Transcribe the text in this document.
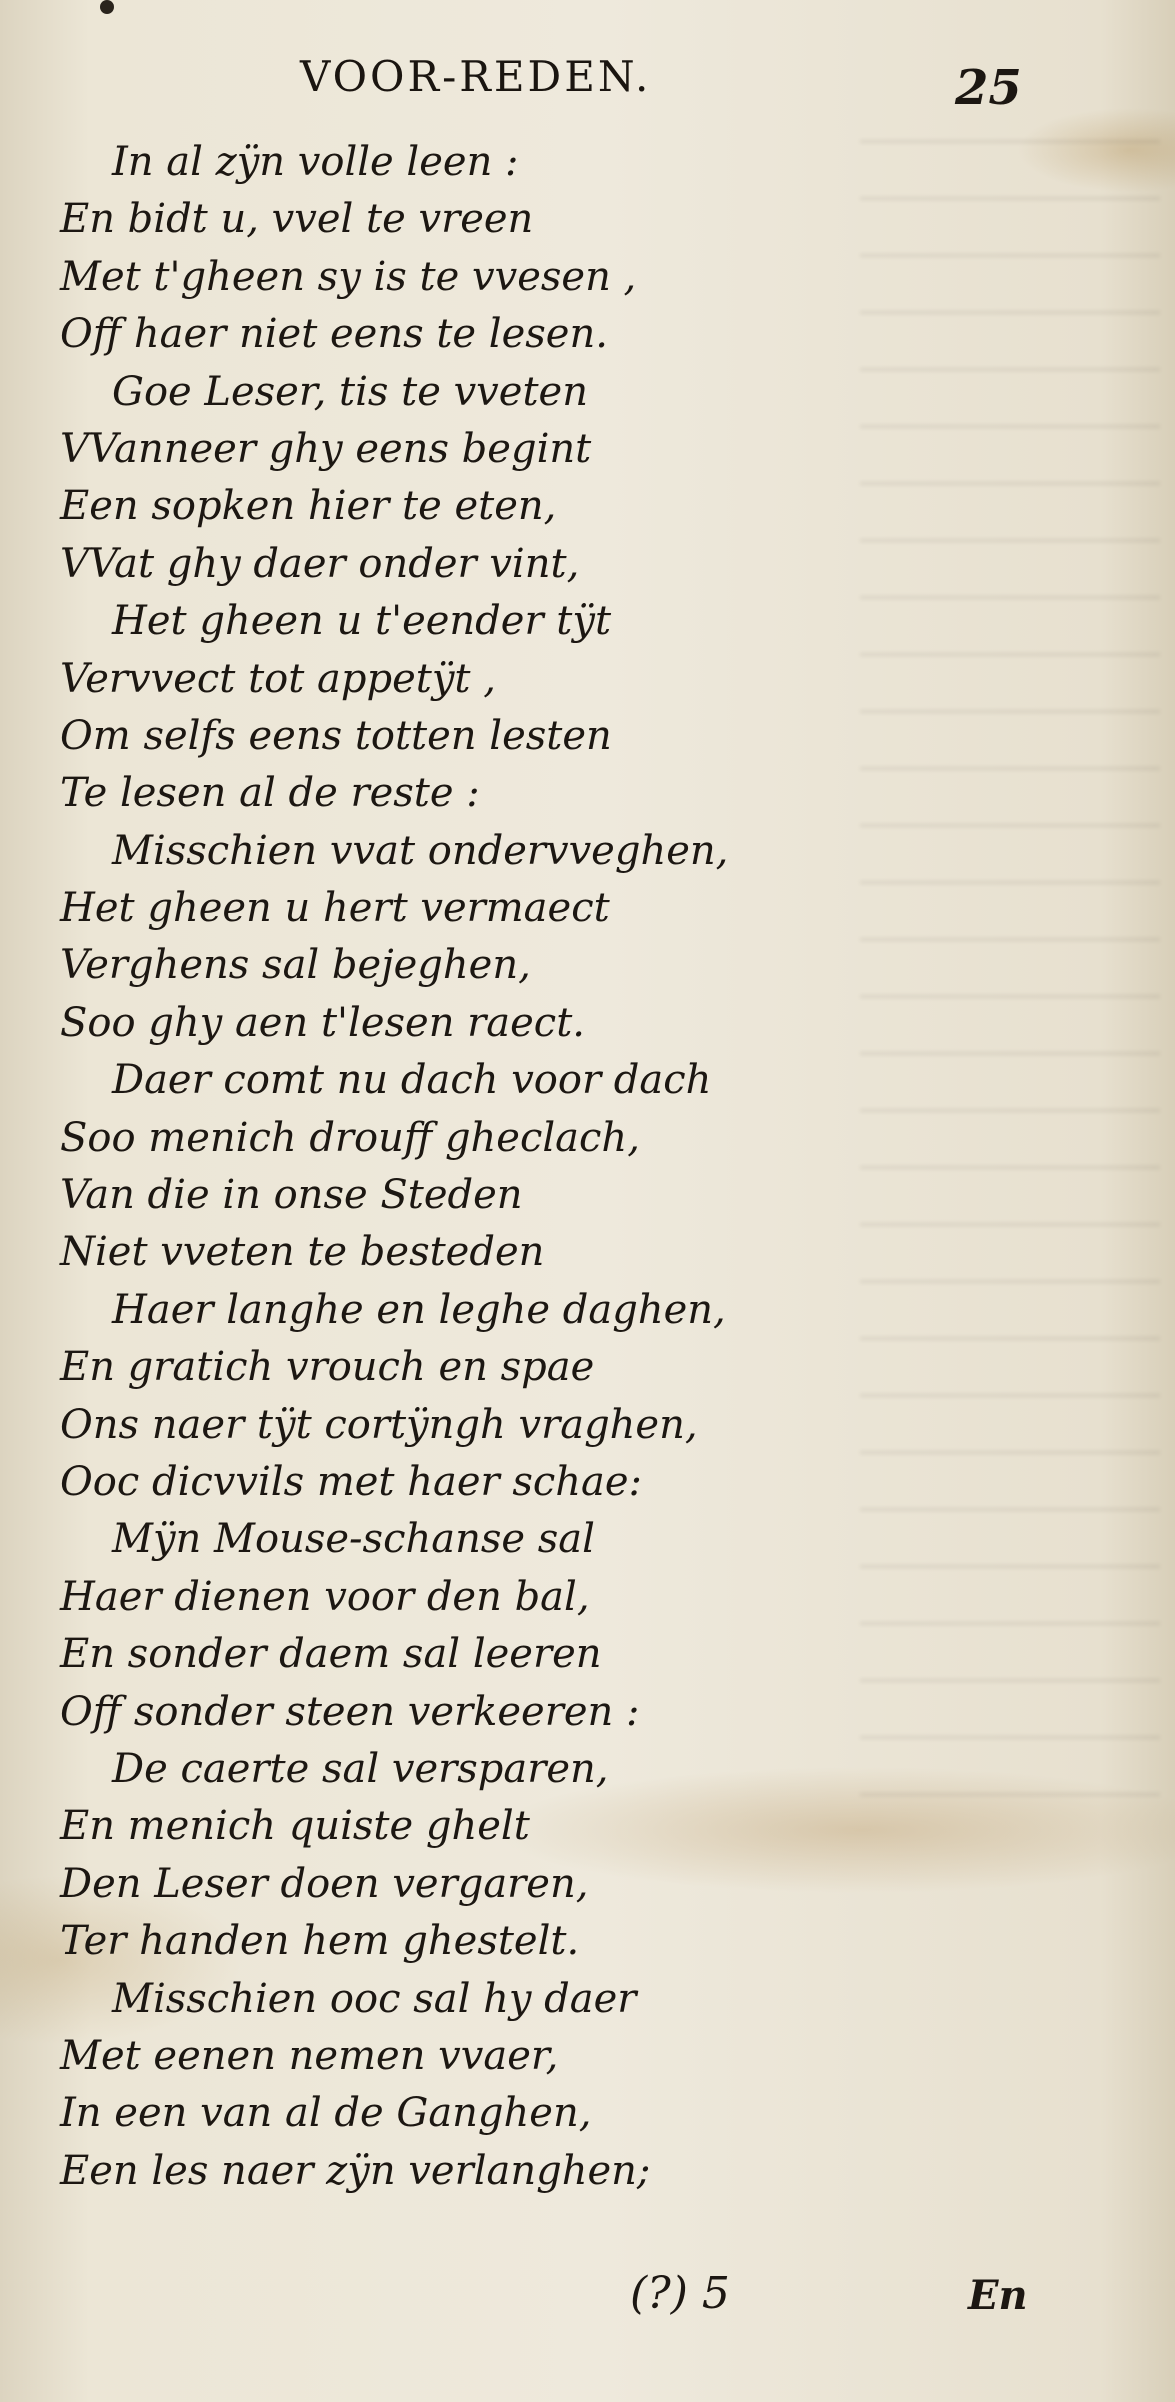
VOOR-REDEN.	25
In al zÿn volle leen :
En bidt u, vvel te vreen
Met t'gheen sy is te vvesen ,
Off haer niet eens te lesen.
Goe Leser, tis te vveten
VVanneer ghy eens begint
Een sopken hier te eten,
VVat ghy daer onder vint,
Het gheen u t'eender tÿt
Vervvect tot appetÿt ,
Om selfs eens totten lesten
Te lesen al de reste :
Misschien vvat ondervveghen,
Het gheen u hert vermaect
Verghens sal bejeghen,
Soo ghy aen t'lesen raect.
Daer comt nu dach voor dach
Soo menich drouff gheclach,
Van die in onse Steden
Niet vveten te besteden
Haer langhe en leghe daghen,
En gratich vrouch en spae
Ons naer tÿt cortÿngh vraghen,
Ooc dicvvils met haer schae:
Mÿn Mouse-schanse sal
Haer dienen voor den bal,
En sonder daem sal leeren
Off sonder steen verkeeren :
De caerte sal versparen,
En menich quiste ghelt
Den Leser doen vergaren,
Ter handen hem ghestelt.
Misschien ooc sal hy daer
Met eenen nemen vvaer,
In een van al de Ganghen,
Een les naer zÿn verlanghen;
(?) 5	En
